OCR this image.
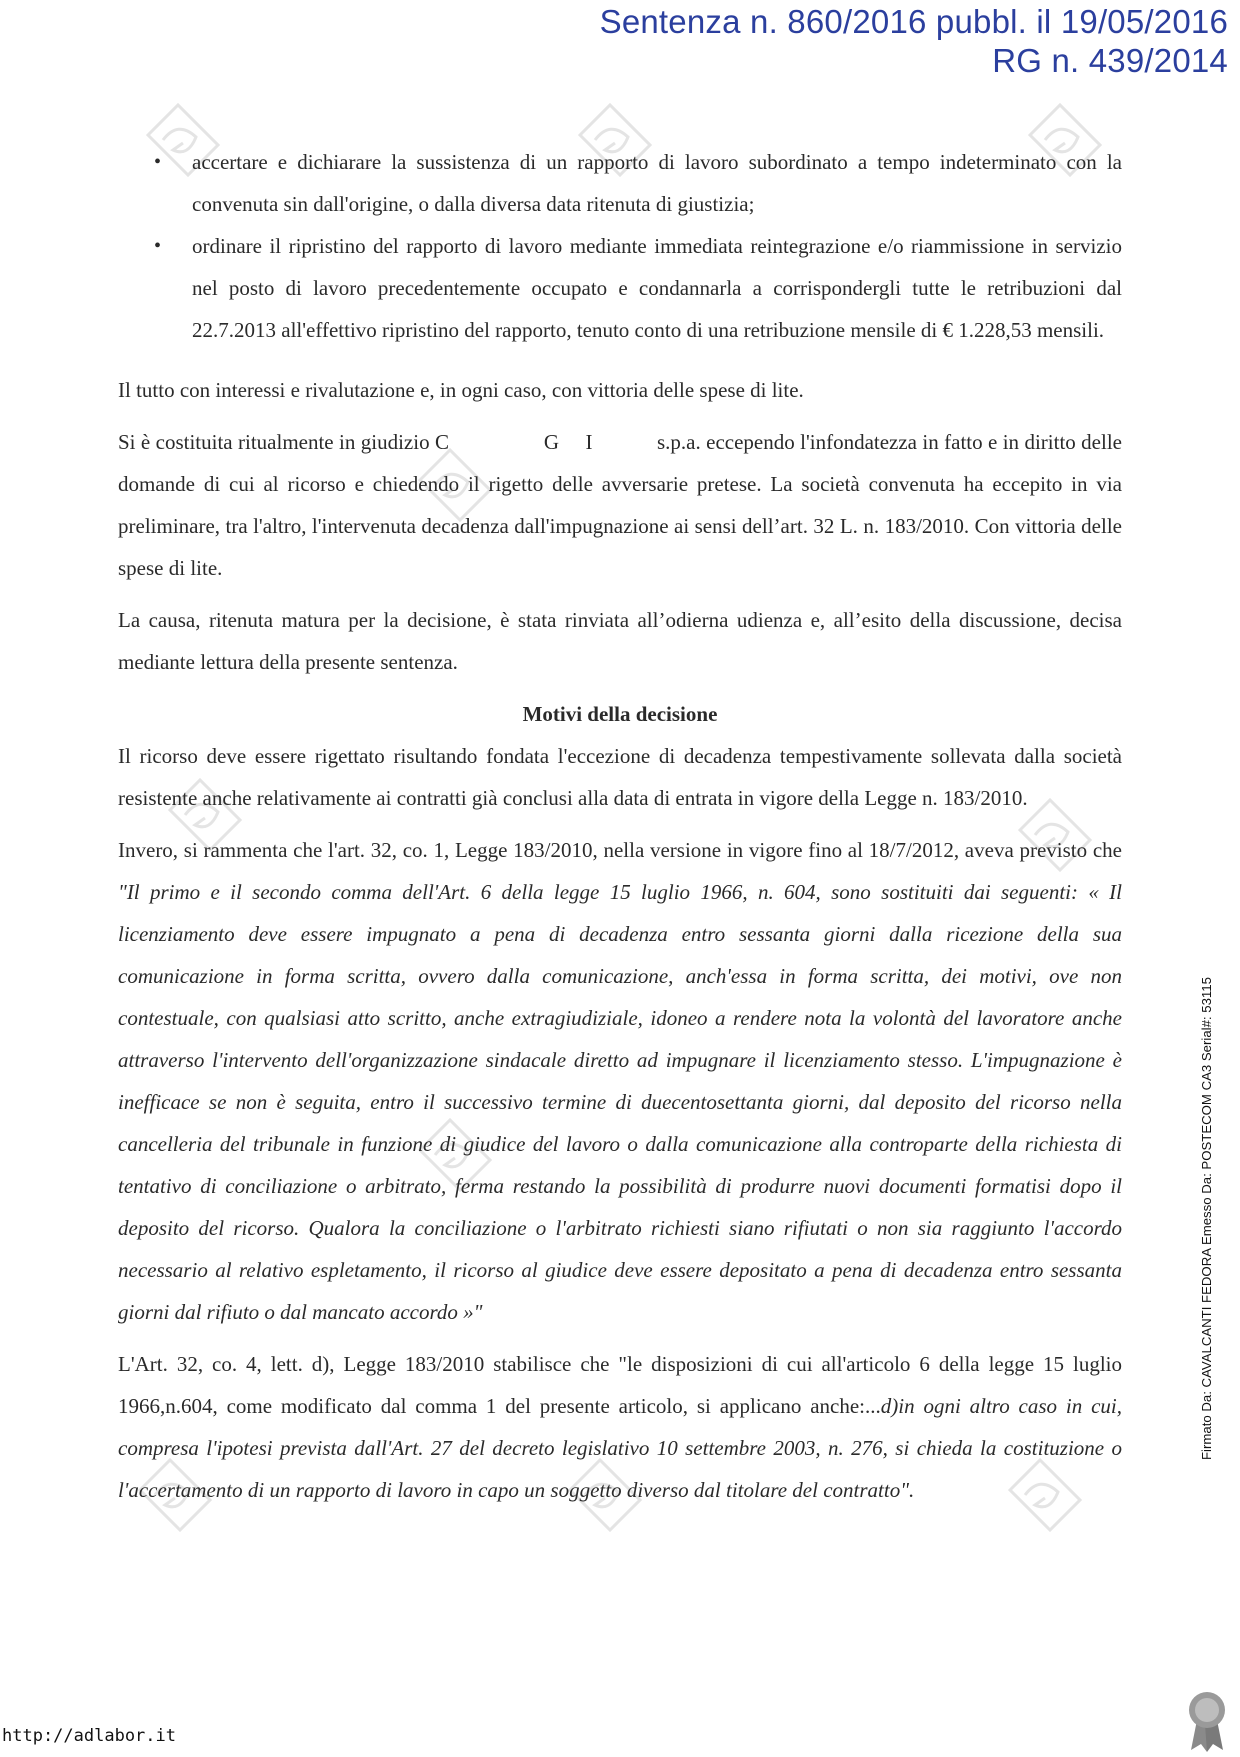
Sentenza n. 860/2016 pubbl. il 19/05/2016
RG n. 439/2014
• accertare e dichiarare la sussistenza di un rapporto di lavoro subordinato a tempo indeterminato con la convenuta sin dall'origine, o dalla diversa data ritenuta di giustizia;
• ordinare il ripristino del rapporto di lavoro mediante immediata reintegrazione e/o riammissione in servizio nel posto di lavoro precedentemente occupato e condannarla a corrispondergli tutte le retribuzioni dal 22.7.2013 all'effettivo ripristino del rapporto, tenuto conto di una retribuzione mensile di € 1.228,53 mensili.

Il tutto con interessi e rivalutazione e, in ogni caso, con vittoria delle spese di lite.

Si è costituita ritualmente in giudizio C	G I	s.p.a. eccependo l'infondatezza in fatto e in diritto delle domande di cui al ricorso e chiedendo il rigetto delle avversarie pretese. La società convenuta ha eccepito in via preliminare, tra l'altro, l'intervenuta decadenza dall'impugnazione ai sensi dell’art. 32 L. n. 183/2010. Con vittoria delle spese di lite.

La causa, ritenuta matura per la decisione, è stata rinviata all’odierna udienza e, all’esito della discussione, decisa mediante lettura della presente sentenza.

Motivi della decisione

Il ricorso deve essere rigettato risultando fondata l'eccezione di decadenza tempestivamente sollevata dalla società resistente anche relativamente ai contratti già conclusi alla data di entrata in vigore della Legge n. 183/2010.

Invero, si rammenta che l'art. 32, co. 1, Legge 183/2010, nella versione in vigore fino al 18/7/2012, aveva previsto che "Il primo e il secondo comma dell'Art. 6 della legge 15 luglio 1966, n. 604, sono sostituiti dai seguenti: « Il licenziamento deve essere impugnato a pena di decadenza entro sessanta giorni dalla ricezione della sua comunicazione in forma scritta, ovvero dalla comunicazione, anch'essa in forma scritta, dei motivi, ove non contestuale, con qualsiasi atto scritto, anche extragiudiziale, idoneo a rendere nota la volontà del lavoratore anche attraverso l'intervento dell'organizzazione sindacale diretto ad impugnare il licenziamento stesso. L'impugnazione è inefficace se non è seguita, entro il successivo termine di duecentosettanta giorni, dal deposito del ricorso nella cancelleria del tribunale in funzione di giudice del lavoro o dalla comunicazione alla controparte della richiesta di tentativo di conciliazione o arbitrato, ferma restando la possibilità di produrre nuovi documenti formatisi dopo il deposito del ricorso. Qualora la conciliazione o l'arbitrato richiesti siano rifiutati o non sia raggiunto l'accordo necessario al relativo espletamento, il ricorso al giudice deve essere depositato a pena di decadenza entro sessanta giorni dal rifiuto o dal mancato accordo »"

L'Art. 32, co. 4, lett. d), Legge 183/2010 stabilisce che "le disposizioni di cui all'articolo 6 della legge 15 luglio 1966,n.604, come modificato dal comma 1 del presente articolo, si applicano anche:...d)in ogni altro caso in cui, compresa l'ipotesi prevista dall'Art. 27 del decreto legislativo 10 settembre 2003, n. 276, si chieda la costituzione o l'accertamento di un rapporto di lavoro in capo un soggetto diverso dal titolare del contratto".

Firmato Da: CAVALCANTI FEDORA Emesso Da: POSTECOM CA3 Serial#: 53115
http://adlabor.it
